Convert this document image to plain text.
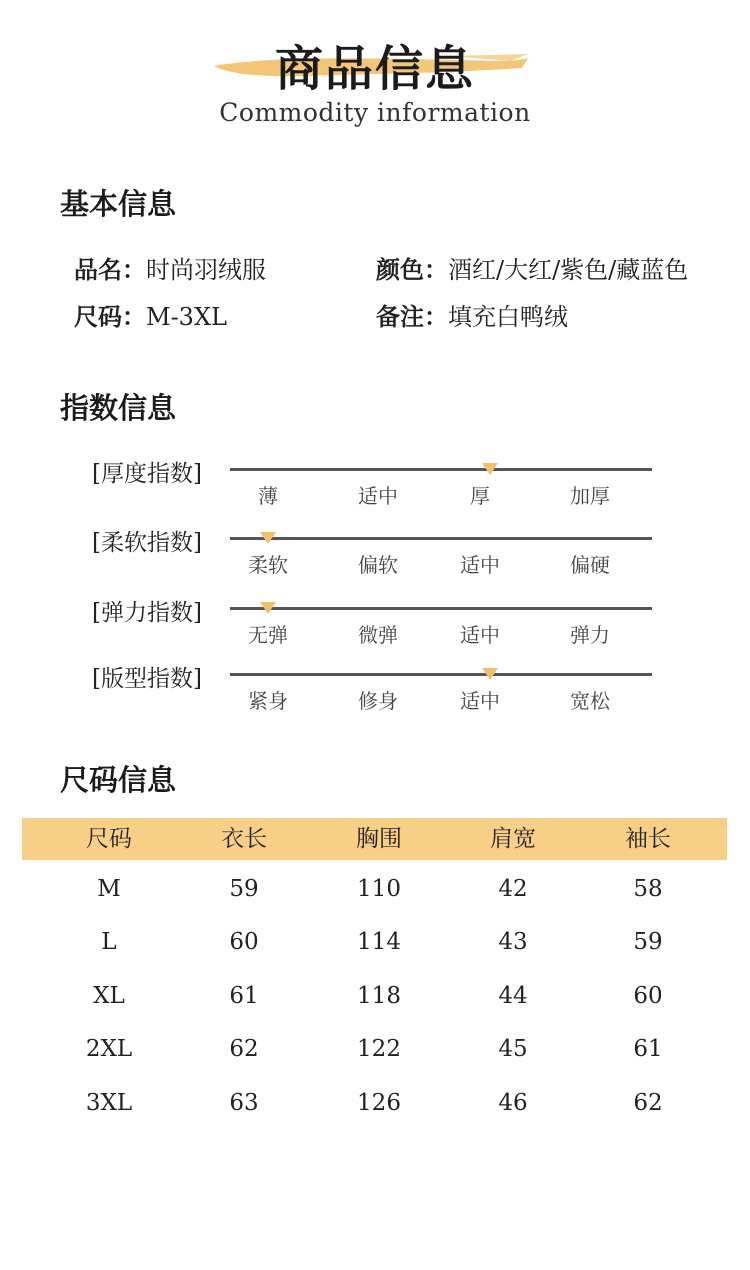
商品信息
Commodity information
基本信息
品名：时尚羽绒服	颜色：酒红/大红/紫色/藏蓝色
尺码：M-3XL	备注：填充白鸭绒
指数信息
[厚度指数]
薄	适中	厚	加厚
[柔软指数]
柔软	偏软	适中	偏硬
[弹力指数]
无弹	微弹	适中	弹力
[版型指数]
紧身	修身	适中	宽松
尺码信息
尺码	衣长	胸围	肩宽	袖长
M	59	110	42	58
L	60	114	43	59
XL	61	118	44	60
2XL	62	122	45	61
3XL	63	126	46	62
